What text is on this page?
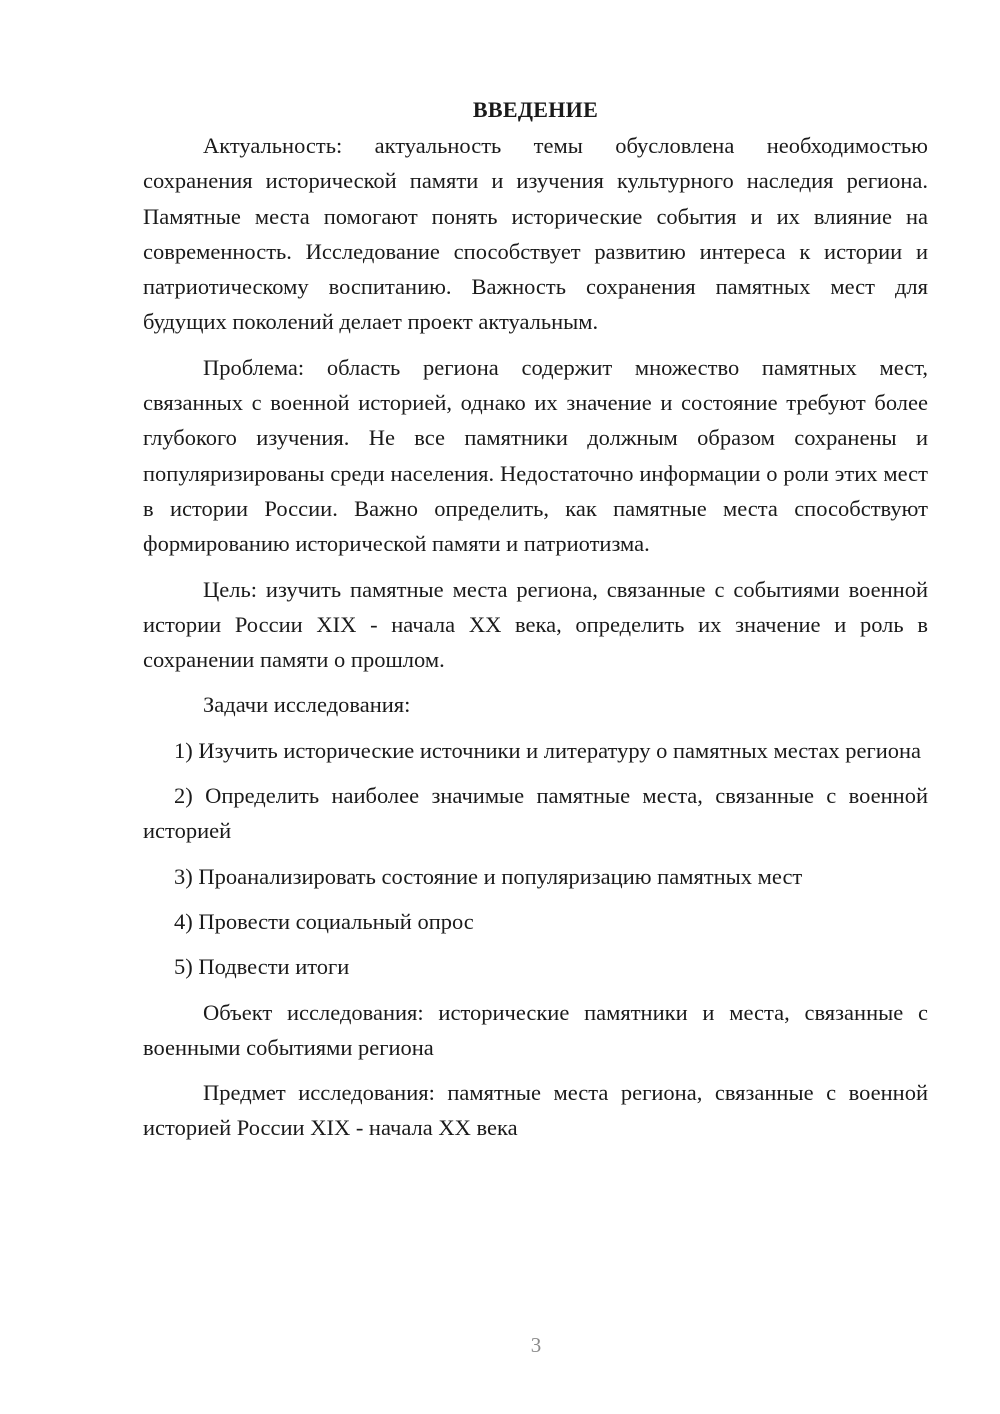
ВВЕДЕНИЕ

Актуальность: актуальность темы обусловлена необходимостью сохранения исторической памяти и изучения культурного наследия региона. Памятные места помогают понять исторические события и их влияние на современность. Исследование способствует развитию интереса к истории и патриотическому воспитанию. Важность сохранения памятных мест для будущих поколений делает проект актуальным.

Проблема: область региона содержит множество памятных мест, связанных с военной историей, однако их значение и состояние требуют более глубокого изучения. Не все памятники должным образом сохранены и популяризированы среди населения. Недостаточно информации о роли этих мест в истории России. Важно определить, как памятные места способствуют формированию исторической памяти и патриотизма.

Цель: изучить памятные места региона, связанные с событиями военной истории России XIX - начала XX века, определить их значение и роль в сохранении памяти о прошлом.

Задачи исследования:

1) Изучить исторические источники и литературу о памятных местах региона

2) Определить наиболее значимые памятные места, связанные с военной историей

3) Проанализировать состояние и популяризацию памятных мест

4) Провести социальный опрос

5) Подвести итоги

Объект исследования: исторические памятники и места, связанные с военными событиями региона

Предмет исследования: памятные места региона, связанные с военной историей России XIX - начала XX века

3
